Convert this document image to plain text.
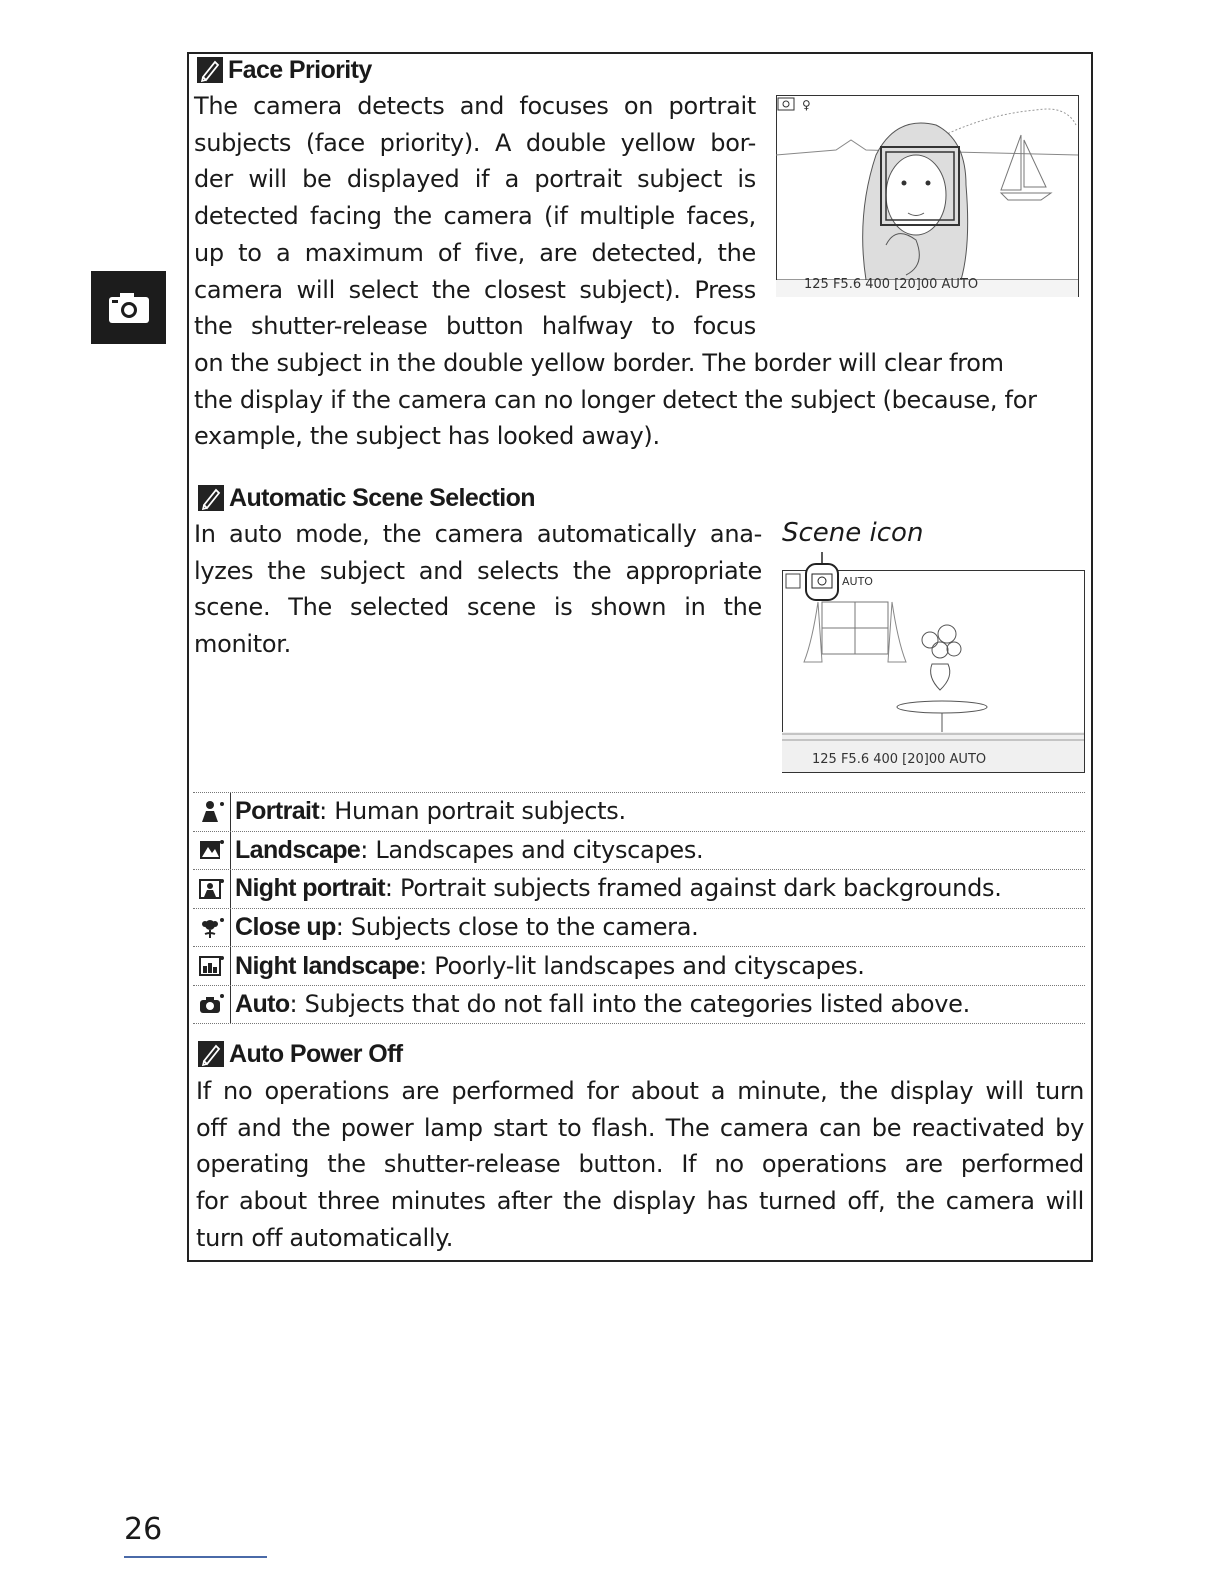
Face Priority

The camera detects and focuses on portrait
subjects (face priority). A double yellow bor-
der will be displayed if a portrait subject is
detected facing the camera (if multiple faces,
up to a maximum of five, are detected, the
camera will select the closest subject). Press
the shutter-release button halfway to focus

on the subject in the double yellow border. The border will clear from
the display if the camera can no longer detect the subject (because, for
example, the subject has looked away).

♀
125 F5.6 400 [20]00 AUTO
Automatic Scene Selection

In auto mode, the camera automatically ana-
lyzes the subject and selects the appropriate
scene. The selected scene is shown in the
monitor.

Scene icon
AUTO
125 F5.6 400 [20]00 AUTO
Portrait: Human portrait subjects.
Landscape: Landscapes and cityscapes.
Night portrait: Portrait subjects framed against dark backgrounds.
Close up: Subjects close to the camera.
Night landscape: Poorly-lit landscapes and cityscapes.
Auto: Subjects that do not fall into the categories listed above.
Auto Power Off

If no operations are performed for about a minute, the display will turn
off and the power lamp start to flash. The camera can be reactivated by
operating the shutter-release button. If no operations are performed
for about three minutes after the display has turned off, the camera will
turn off automatically.

26
